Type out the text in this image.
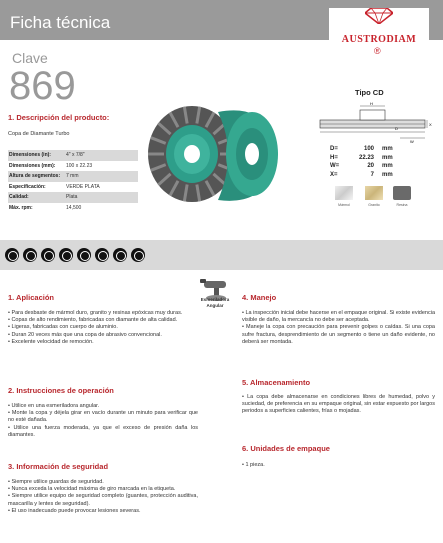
Ficha técnica
AUSTRODIAM
®
Clave
869
1. Descripción del producto:
Copa de Diamante Turbo
Dimensiones (in):	4" x 7/8"
Dimensiones (mm):	100 x 22.23
Altura de segmentos:	7 mm
Especificación:	VERDE PLATA
Calidad:	Plata
Máx. rpm:	14,500
Tipo CD
H
D
W
X
D=	100	mm
H=	22.23	mm
W=	20	mm
X=	7	mm
Mármol	Granito	Resina
Esmeriladora
Angular
1. Aplicación
• Para desbaste de mármol duro, granito y resinas epóxicas muy duras.
• Copas de alto rendimiento, fabricadas con diamante de alta calidad.
• Ligeras, fabricadas con cuerpo de aluminio.
• Duran 20 veces más que una copa de abrasivo convencional.
• Excelente velocidad de remoción.
2. Instrucciones de operación
• Utilice en una esmeriladora angular.
• Monte la copa y déjela girar en vacío durante un minuto para verificar que no esté dañada.
• Utilice una fuerza moderada, ya que el exceso de presión daña los diamantes.
3. Información de seguridad
• Siempre utilice guardas de seguridad.
• Nunca exceda la velocidad máxima de giro marcada en la etiqueta.
• Siempre utilice equipo de seguridad completo (guantes, protección auditiva, mascarilla y lentes de seguridad).
• El uso inadecuado puede provocar lesiones severas.
4. Manejo
• La inspección inicial debe hacerse en el empaque original. Si existe evidencia visible de daño, la mercancía no debe ser aceptada.
• Maneje la copa con precaución para prevenir golpes o caídas. Si una copa sufre fractura, desprendimiento de un segmento o tiene un daño evidente, no deberá ser montada.
5. Almacenamiento
• La copa debe almacenarse en condiciones libres de humedad, polvo y suciedad, de preferencia en su empaque original, sin estar expuesto por largos periodos a superficies calientes, frías o mojadas.
6. Unidades de empaque
• 1 pieza.
